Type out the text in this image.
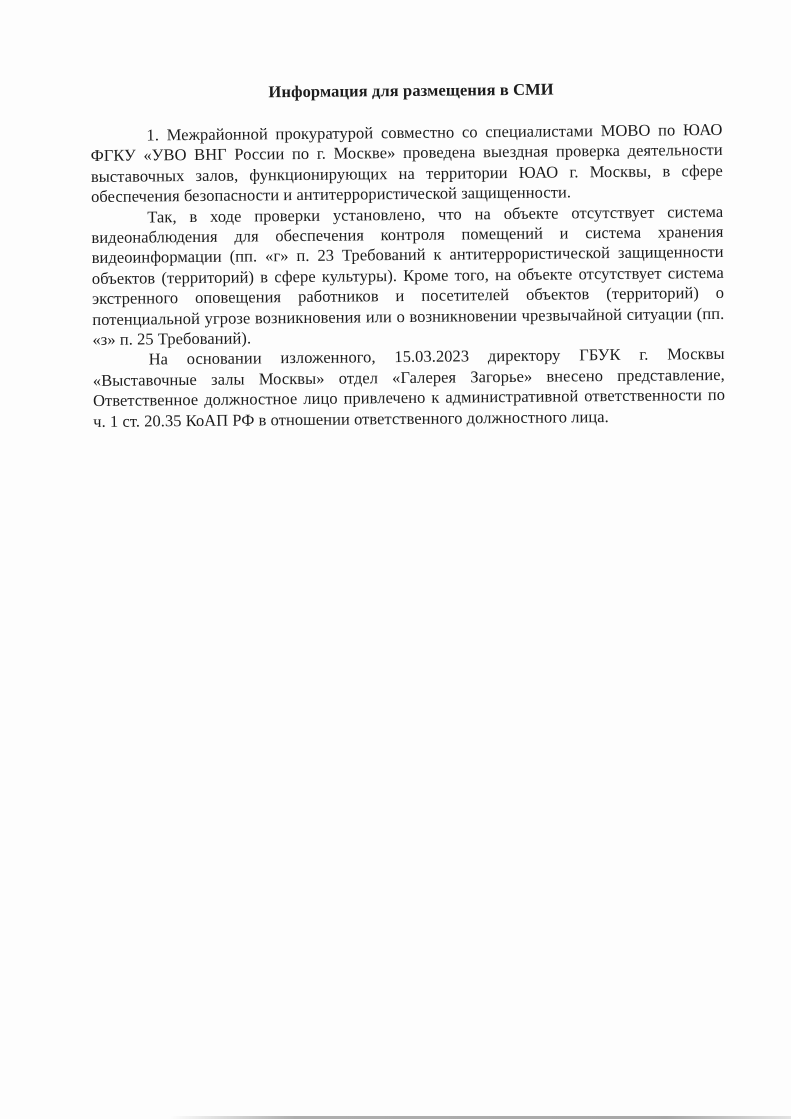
Информация для размещения в СМИ

1. Межрайонной прокуратурой совместно со специалистами МОВО по ЮАО ФГКУ «УВО ВНГ России по г. Москве» проведена выездная проверка деятельности выставочных залов, функционирующих на территории ЮАО г. Москвы, в сфере обеспечения безопасности и антитеррористической защищенности.

Так, в ходе проверки установлено, что на объекте отсутствует система видеонаблюдения для обеспечения контроля помещений и система хранения видеоинформации (пп. «г» п. 23 Требований к антитеррористической защищенности объектов (территорий) в сфере культуры). Кроме того, на объекте отсутствует система экстренного оповещения работников и посетителей объектов (территорий) о потенциальной угрозе возникновения или о возникновении чрезвычайной ситуации (пп. «з» п. 25 Требований).

На основании изложенного, 15.03.2023 директору ГБУК г. Москвы «Выставочные залы Москвы» отдел «Галерея Загорье» внесено представление, Ответственное должностное лицо привлечено к административной ответственности по ч. 1 ст. 20.35 КоАП РФ в отношении ответственного должностного лица.
